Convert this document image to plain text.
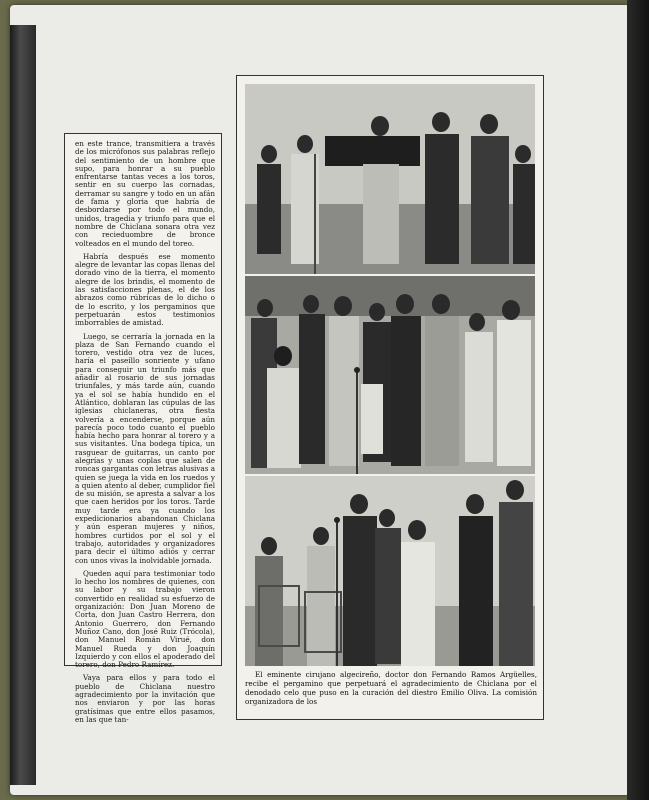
en este trance, transmitiera a través de los micrófonos sus palabras reflejo del sentimiento de un hombre que supo, para honrar a su pueblo enfrentarse tantas veces a los toros, sentir en su cuerpo las cornadas, derramar su sangre y todo en un afán de fama y gloria que habría de desbordarse por todo el mundo, unidos, tragedia y triunfo para que el nombre de Chiclana sonara otra vez con recieduombre de bronce volteados en el mundo del toreo.

Habría después ese momento alegre de levantar las copas llenas del dorado vino de la tierra, el momento alegre de los brindis, el momento de las satisfacciones plenas, el de los abrazos como rúbricas de lo dicho o de lo escrito, y los pergaminos que perpetuarán estos testimonios imborrables de amistad.

Luego, se cerraría la jornada en la plaza de San Fernando cuando el torero, vestido otra vez de luces, haría el paseíllo sonriente y ufano para conseguir un triunfo más que añadir al rosario de sus jornadas triunfales, y más tarde aún, cuando ya el sol se había hundido en el Atlántico, doblaran las cúpulas de las iglesias chiclaneras, otra fiesta volvería a encenderse, porque aún parecía poco todo cuanto el pueblo había hecho para honrar al torero y a sus visitantes. Una bodega típica, un rasguear de guitarras, un canto por alegrías y unas coplas que salen de roncas gargantas con letras alusivas a quien se juega la vida en los ruedos y a quien atento al deber, cumplidor fiel de su misión, se apresta a salvar a los que caen heridos por los toros. Tarde muy tarde era ya cuando los expedicionarios abandonan Chiclana y aún esperan mujeres y niños, hombres curtidos por el sol y el trabajo, autoridades y organizadores para decir el último adiós y cerrar con unos vivas la inolvidable jornada.

Queden aquí para testimoniar todo lo hecho los nombres de quienes, con su labor y su trabajo vieron convertido en realidad su esfuerzo de organización: Don Juan Moreno de Corta, don Juan Castro Herrera, don Antonio Guerrero, don Fernando Muñoz Cano, don José Ruiz (Trócola), don Manuel Román Virué, don Manuel Rueda y don Joaquín Izquierdo y con ellos el apoderado del torero, don Pedro Ramírez.

Vaya para ellos y para todo el pueblo de Chiclana nuestro agradecimiento por la invitación que nos enviaron y por las horas gratísimas que entre ellos pasamos, en las que tan-

El eminente cirujano algecireño, doctor don Fernando Ramos Argüelles, recibe el pergamino que perpetuará el agradecimiento de Chiclana por el denodado celo que puso en la curación del diestro Emilio Oliva. La comisión organizadora de los
